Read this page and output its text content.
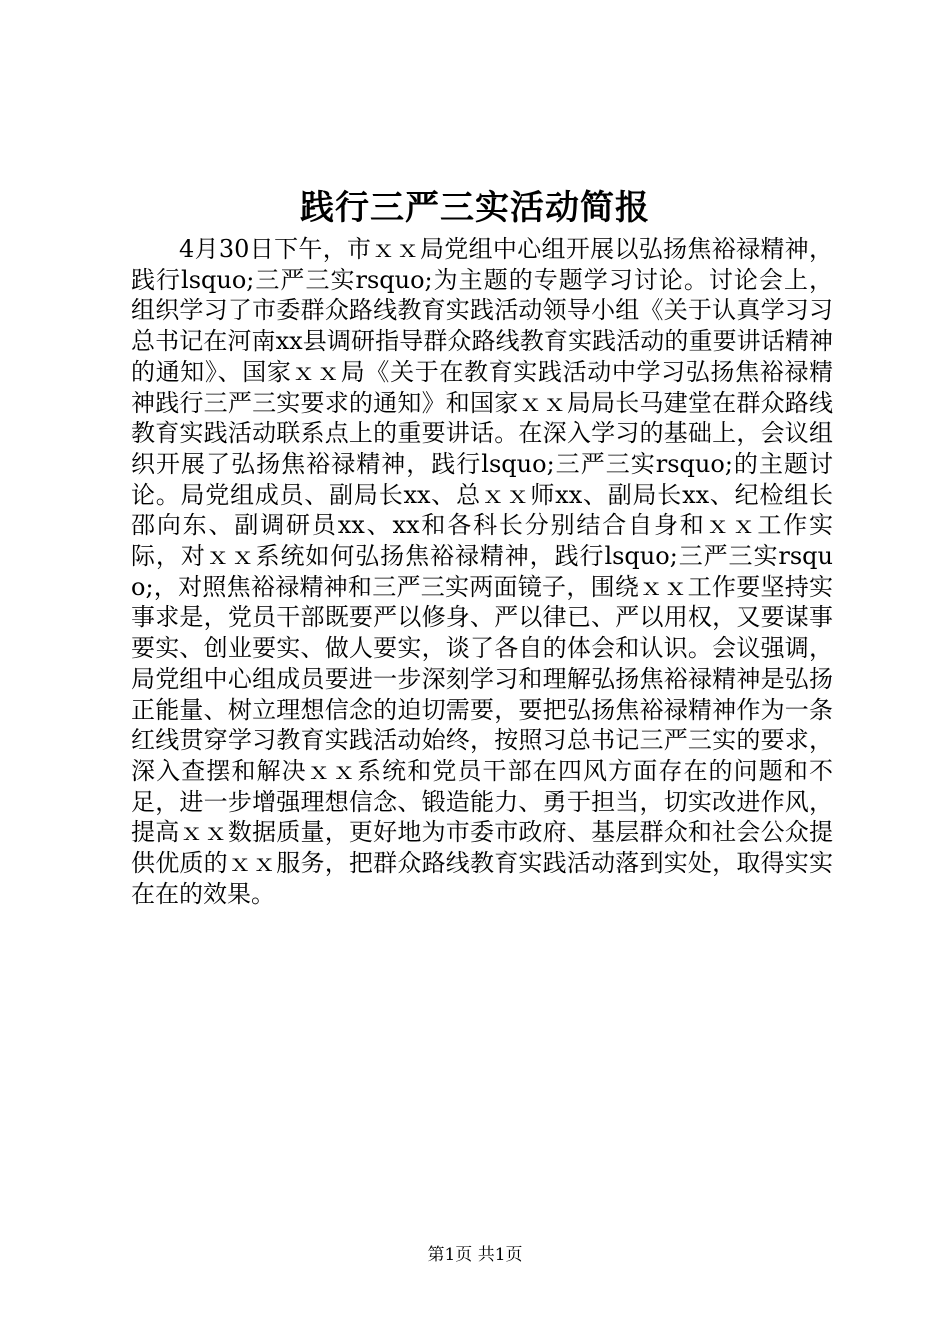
践行三严三实活动简报

4月30日下午，市ｘｘ局党组中心组开展以弘扬焦裕禄精神，践行lsquo;三严三实rsquo;为主题的专题学习讨论。讨论会上，组织学习了市委群众路线教育实践活动领导小组《关于认真学习习总书记在河南xx县调研指导群众路线教育实践活动的重要讲话精神的通知》、国家ｘｘ局《关于在教育实践活动中学习弘扬焦裕禄精神践行三严三实要求的通知》和国家ｘｘ局局长马建堂在群众路线教育实践活动联系点上的重要讲话。在深入学习的基础上，会议组织开展了弘扬焦裕禄精神，践行lsquo;三严三实rsquo;的主题讨论。局党组成员、副局长xx、总ｘｘ师xx、副局长xx、纪检组长邵向东、副调研员xx、xx和各科长分别结合自身和ｘｘ工作实际，对ｘｘ系统如何弘扬焦裕禄精神，践行lsquo;三严三实rsquo;，对照焦裕禄精神和三严三实两面镜子，围绕ｘｘ工作要坚持实事求是，党员干部既要严以修身、严以律已、严以用权，又要谋事要实、创业要实、做人要实，谈了各自的体会和认识。会议强调，局党组中心组成员要进一步深刻学习和理解弘扬焦裕禄精神是弘扬正能量、树立理想信念的迫切需要，要把弘扬焦裕禄精神作为一条红线贯穿学习教育实践活动始终，按照习总书记三严三实的要求，深入查摆和解决ｘｘ系统和党员干部在四风方面存在的问题和不足，进一步增强理想信念、锻造能力、勇于担当，切实改进作风，提高ｘｘ数据质量，更好地为市委市政府、基层群众和社会公众提供优质的ｘｘ服务，把群众路线教育实践活动落到实处，取得实实在在的效果。

第1页 共1页
